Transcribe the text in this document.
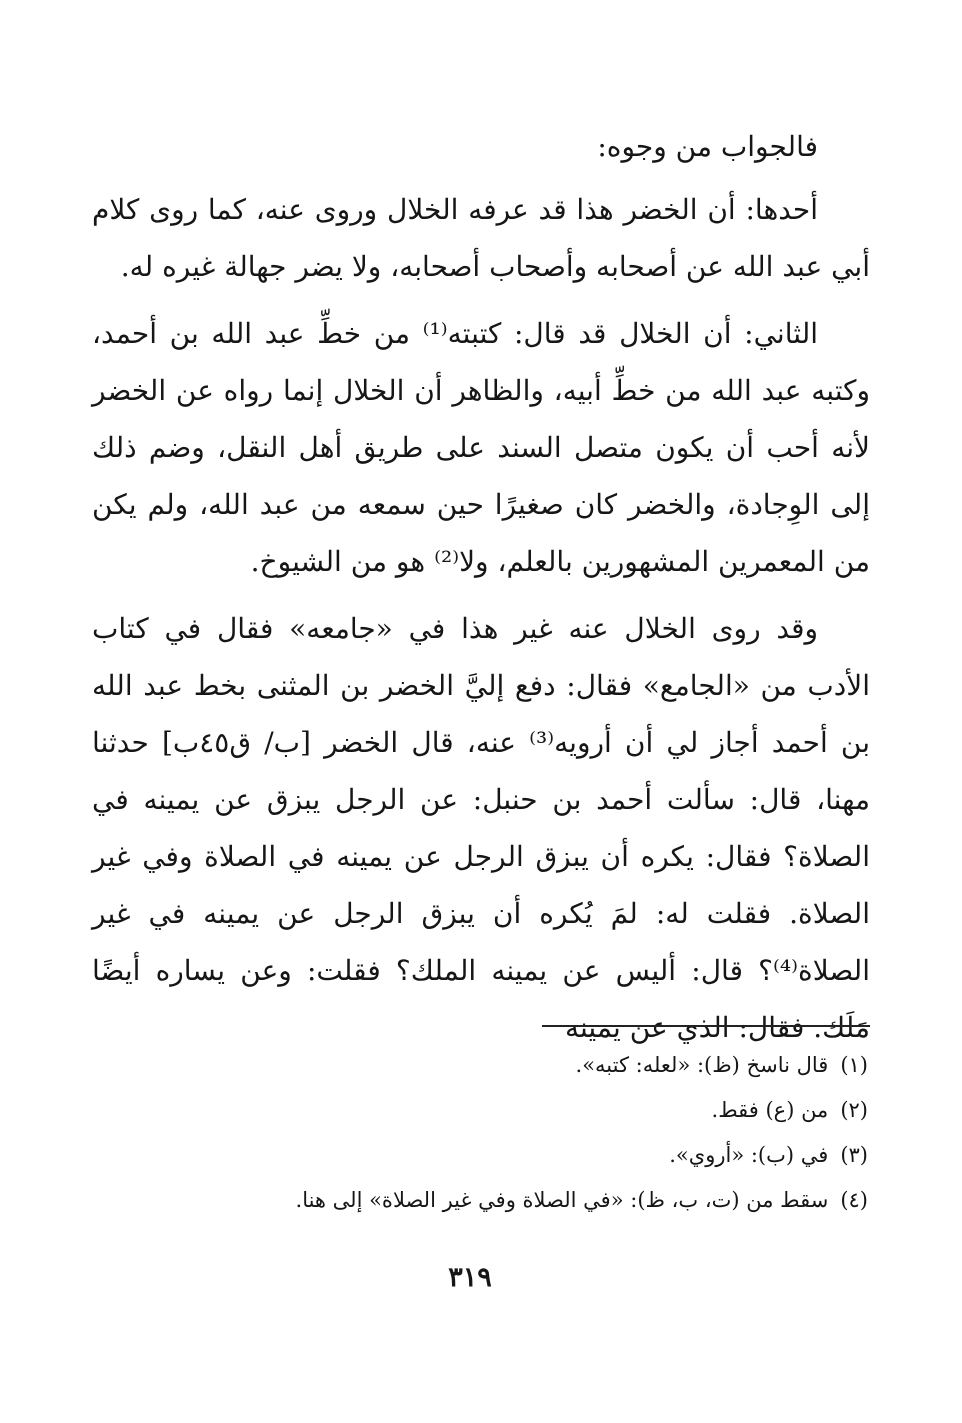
فالجواب من وجوه:

أحدها: أن الخضر هذا قد عرفه الخلال وروى عنه، كما روى كلام أبي عبد الله عن أصحابه وأصحاب أصحابه، ولا يضر جهالة غيره له.

الثاني: أن الخلال قد قال: كتبته⁽¹⁾ من خطِّ عبد الله بن أحمد، وكتبه عبد الله من خطِّ أبيه، والظاهر أن الخلال إنما رواه عن الخضر لأنه أحب أن يكون متصل السند على طريق أهل النقل، وضم ذلك إلى الوِجادة، والخضر كان صغيرًا حين سمعه من عبد الله، ولم يكن من المعمرين المشهورين بالعلم، ولا⁽²⁾ هو من الشيوخ.

وقد روى الخلال عنه غير هذا في «جامعه» فقال في كتاب الأدب من «الجامع» فقال: دفع إليَّ الخضر بن المثنى بخط عبد الله بن أحمد أجاز لي أن أرويه⁽³⁾ عنه، قال الخضر [ب/ ق٤٥ب] حدثنا مهنا، قال: سألت أحمد بن حنبل: عن الرجل يبزق عن يمينه في الصلاة؟ فقال: يكره أن يبزق الرجل عن يمينه في الصلاة وفي غير الصلاة. فقلت له: لمَ يُكره أن يبزق الرجل عن يمينه في غير الصلاة⁽⁴⁾؟ قال: أليس عن يمينه الملك؟ فقلت: وعن يساره أيضًا مَلَك. فقال: الذي عن يمينه

(١)قال ناسخ (ظ): «لعله: كتبه».

(٢)من (ع) فقط.

(٣)في (ب): «أروي».

(٤)سقط من (ت، ب، ظ): «في الصلاة وفي غير الصلاة» إلى هنا.

٣١٩
